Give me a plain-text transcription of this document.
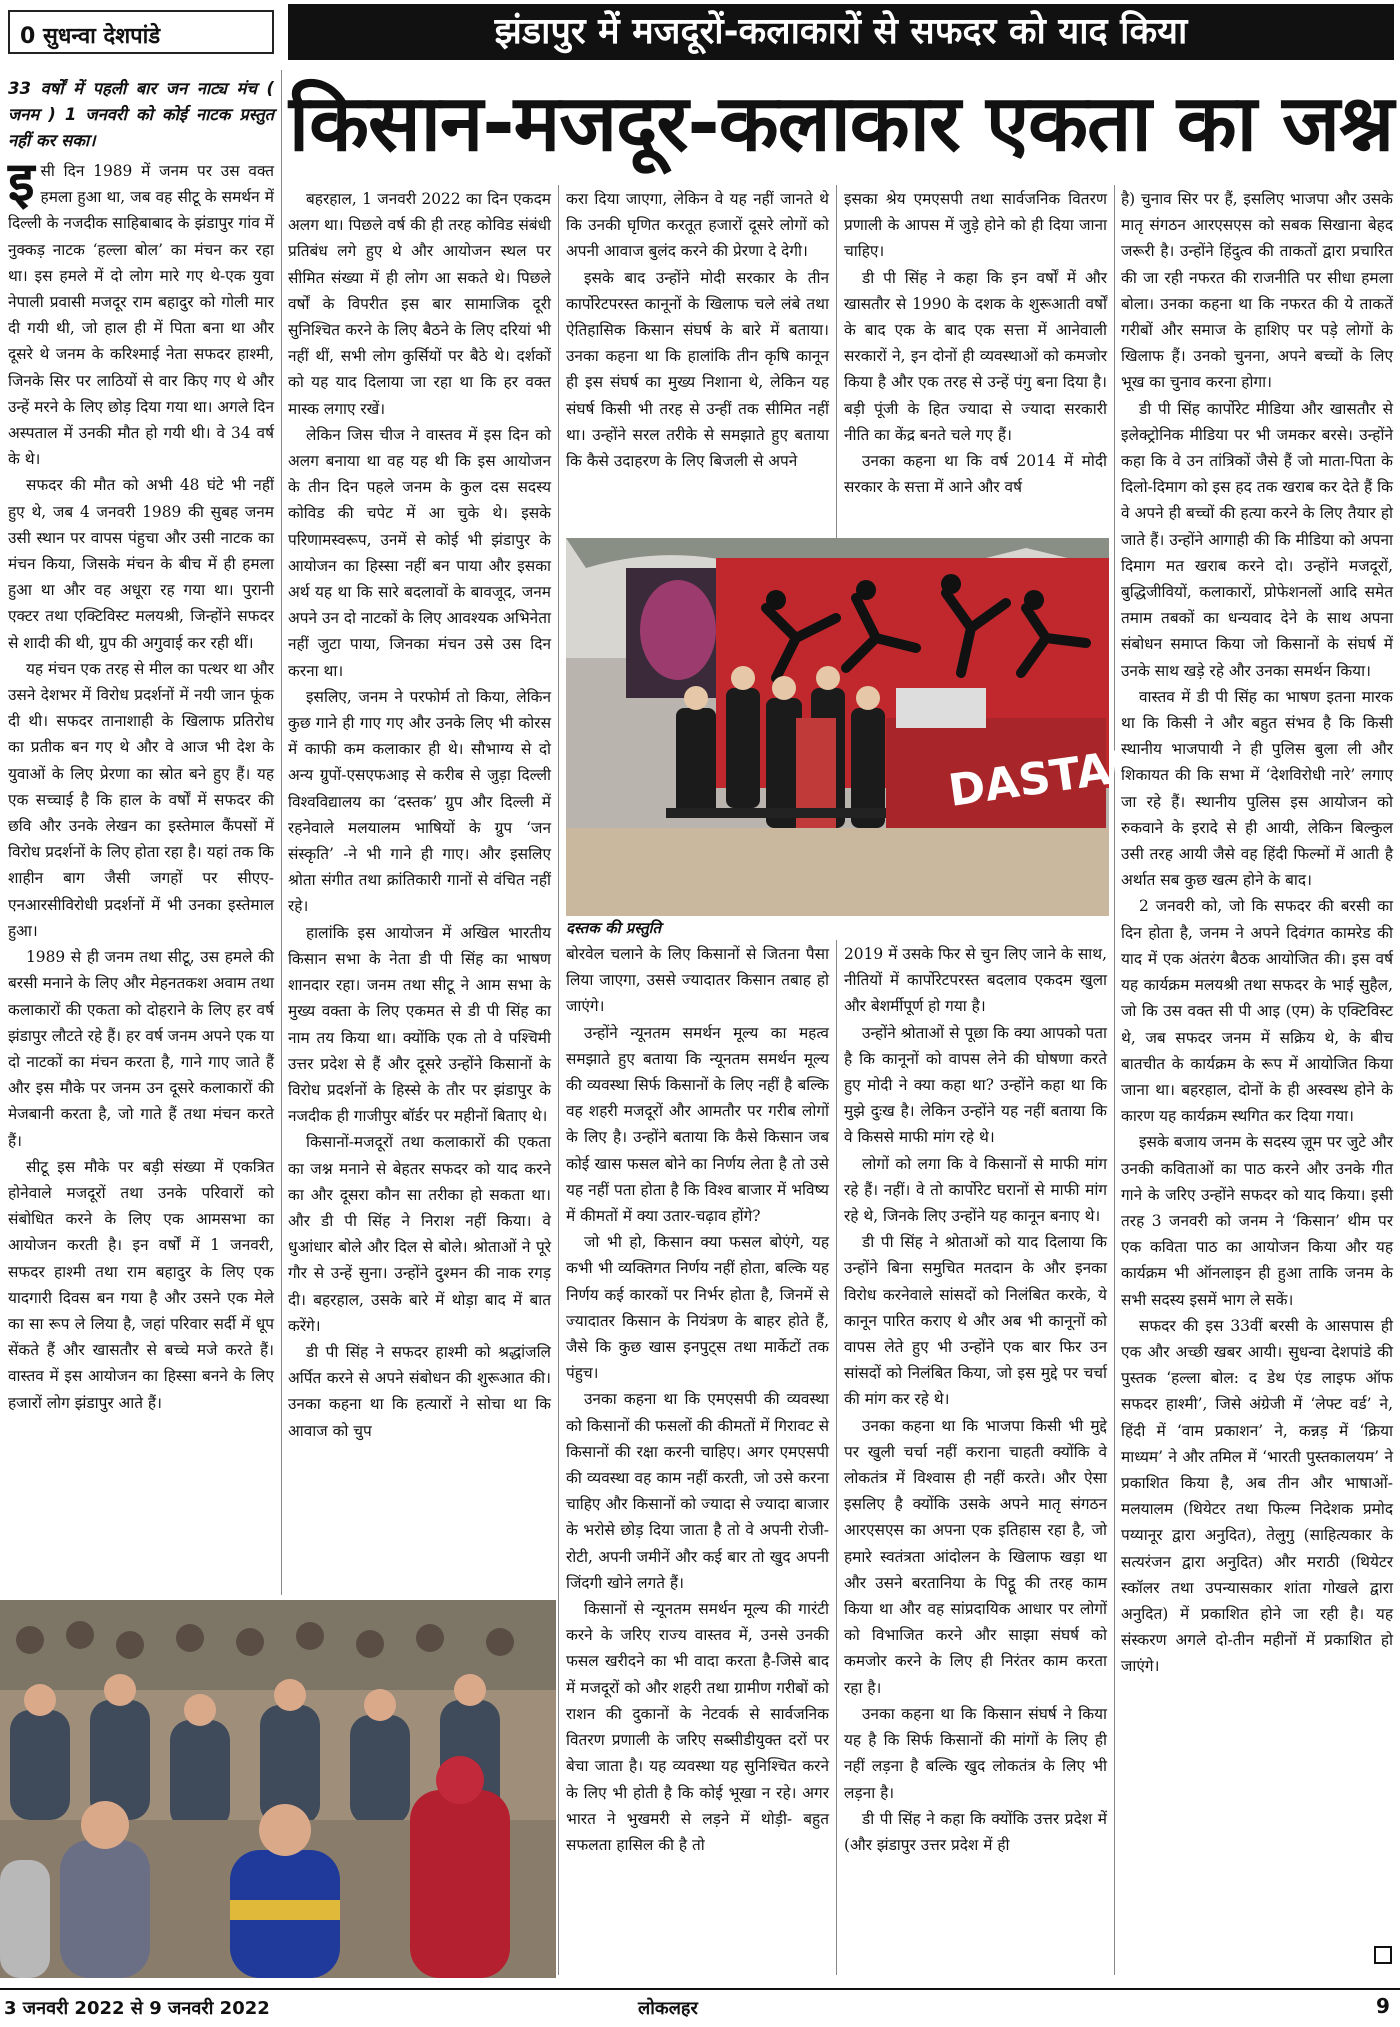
0 सुधन्वा देशपांडे	झंडापुर में मजदूरों-कलाकारों से सफदर को याद किया
किसान-मजदूर-कलाकार एकता का जश्न
33 वर्षों में पहली बार जन नाट्य मंच ( जनम ) 1 जनवरी को कोई नाटक प्रस्तुत नहीं कर सका।

इसी दिन 1989 में जनम पर उस वक्त हमला हुआ था, जब वह सीटू के समर्थन में दिल्ली के नजदीक साहिबाबाद के झंडापुर गांव में नुक्कड़ नाटक ‘हल्ला बोल’ का मंचन कर रहा था। इस हमले में दो लोग मारे गए थे-एक युवा नेपाली प्रवासी मजदूर राम बहादुर को गोली मार दी गयी थी, जो हाल ही में पिता बना था और दूसरे थे जनम के करिश्माई नेता सफदर हाश्मी, जिनके सिर पर लाठियों से वार किए गए थे और उन्हें मरने के लिए छोड़ दिया गया था। अगले दिन अस्पताल में उनकी मौत हो गयी थी। वे 34 वर्ष के थे।

सफदर की मौत को अभी 48 घंटे भी नहीं हुए थे, जब 4 जनवरी 1989 की सुबह जनम उसी स्थान पर वापस पंहुचा और उसी नाटक का मंचन किया, जिसके मंचन के बीच में ही हमला हुआ था और वह अधूरा रह गया था। पुरानी एक्टर तथा एक्टिविस्ट मलयश्री, जिन्होंने सफदर से शादी की थी, ग्रुप की अगुवाई कर रही थीं।

यह मंचन एक तरह से मील का पत्थर था और उसने देशभर में विरोध प्रदर्शनों में नयी जान फूंक दी थी। सफदर तानाशाही के खिलाफ प्रतिरोध का प्रतीक बन गए थे और वे आज भी देश के युवाओं के लिए प्रेरणा का स्रोत बने हुए हैं। यह एक सच्चाई है कि हाल के वर्षों में सफदर की छवि और उनके लेखन का इस्तेमाल कैंपसों में विरोध प्रदर्शनों के लिए होता रहा है। यहां तक कि शाहीन बाग जैसी जगहों पर सीएए-एनआरसीविरोधी प्रदर्शनों में भी उनका इस्तेमाल हुआ।

1989 से ही जनम तथा सीटू, उस हमले की बरसी मनाने के लिए और मेहनतकश अवाम तथा कलाकारों की एकता को दोहराने के लिए हर वर्ष झंडापुर लौटते रहे हैं। हर वर्ष जनम अपने एक या दो नाटकों का मंचन करता है, गाने गाए जाते हैं और इस मौके पर जनम उन दूसरे कलाकारों की मेजबानी करता है, जो गाते हैं तथा मंचन करते हैं।

सीटू इस मौके पर बड़ी संख्या में एकत्रित होनेवाले मजदूरों तथा उनके परिवारों को संबोधित करने के लिए एक आमसभा का आयोजन करती है। इन वर्षों में 1 जनवरी, सफदर हाश्मी तथा राम बहादुर के लिए एक यादगारी दिवस बन गया है और उसने एक मेले का सा रूप ले लिया है, जहां परिवार सर्दी में धूप सेंकते हैं और खासतौर से बच्चे मजे करते हैं। वास्तव में इस आयोजन का हिस्सा बनने के लिए हजारों लोग झंडापुर आते हैं।

बहरहाल, 1 जनवरी 2022 का दिन एकदम अलग था। पिछले वर्ष की ही तरह कोविड संबंधी प्रतिबंध लगे हुए थे और आयोजन स्थल पर सीमित संख्या में ही लोग आ सकते थे। पिछले वर्षों के विपरीत इस बार सामाजिक दूरी सुनिश्चित करने के लिए बैठने के लिए दरियां भी नहीं थीं, सभी लोग कुर्सियों पर बैठे थे। दर्शकों को यह याद दिलाया जा रहा था कि हर वक्त मास्क लगाए रखें।

लेकिन जिस चीज ने वास्तव में इस दिन को अलग बनाया था वह यह थी कि इस आयोजन के तीन दिन पहले जनम के कुल दस सदस्य कोविड की चपेट में आ चुके थे। इसके परिणामस्वरूप, उनमें से कोई भी झंडापुर के आयोजन का हिस्सा नहीं बन पाया और इसका अर्थ यह था कि सारे बदलावों के बावजूद, जनम अपने उन दो नाटकों के लिए आवश्यक अभिनेता नहीं जुटा पाया, जिनका मंचन उसे उस दिन करना था।

इसलिए, जनम ने परफोर्म तो किया, लेकिन कुछ गाने ही गाए गए और उनके लिए भी कोरस में काफी कम कलाकार ही थे। सौभाग्य से दो अन्य ग्रुपों-एसएफआइ से करीब से जुड़ा दिल्ली विश्वविद्यालय का ‘दस्तक’ ग्रुप और दिल्ली में रहनेवाले मलयालम भाषियों के ग्रुप ‘जन संस्कृति’ -ने भी गाने ही गाए। और इसलिए श्रोता संगीत तथा क्रांतिकारी गानों से वंचित नहीं रहे।

हालांकि इस आयोजन में अखिल भारतीय किसान सभा के नेता डी पी सिंह का भाषण शानदार रहा। जनम तथा सीटू ने आम सभा के मुख्य वक्ता के लिए एकमत से डी पी सिंह का नाम तय किया था। क्योंकि एक तो वे पश्चिमी उत्तर प्रदेश से हैं और दूसरे उन्होंने किसानों के विरोध प्रदर्शनों के हिस्से के तौर पर झंडापुर के नजदीक ही गाजीपुर बॉर्डर पर महीनों बिताए थे।

किसानों-मजदूरों तथा कलाकारों की एकता का जश्न मनाने से बेहतर सफदर को याद करने का और दूसरा कौन सा तरीका हो सकता था। और डी पी सिंह ने निराश नहीं किया। वे धुआंधार बोले और दिल से बोले। श्रोताओं ने पूरे गौर से उन्हें सुना। उन्होंने दुश्मन की नाक रगड़ दी। बहरहाल, उसके बारे में थोड़ा बाद में बात करेंगे।

डी पी सिंह ने सफदर हाश्मी को श्रद्धांजलि अर्पित करने से अपने संबोधन की शुरूआत की। उनका कहना था कि हत्यारों ने सोचा था कि आवाज को चुप

करा दिया जाएगा, लेकिन वे यह नहीं जानते थे कि उनकी घृणित करतूत हजारों दूसरे लोगों को अपनी आवाज बुलंद करने की प्रेरणा दे देगी।

इसके बाद उन्होंने मोदी सरकार के तीन कार्पोरेटपरस्त कानूनों के खिलाफ चले लंबे तथा ऐतिहासिक किसान संघर्ष के बारे में बताया। उनका कहना था कि हालांकि तीन कृषि कानून ही इस संघर्ष का मुख्य निशाना थे, लेकिन यह संघर्ष किसी भी तरह से उन्हीं तक सीमित नहीं था। उन्होंने सरल तरीके से समझाते हुए बताया कि कैसे उदाहरण के लिए बिजली से अपने

इसका श्रेय एमएसपी तथा सार्वजनिक वितरण प्रणाली के आपस में जुड़े होने को ही दिया जाना चाहिए।

डी पी सिंह ने कहा कि इन वर्षों में और खासतौर से 1990 के दशक के शुरूआती वर्षों के बाद एक के बाद एक सत्ता में आनेवाली सरकारों ने, इन दोनों ही व्यवस्थाओं को कमजोर किया है और एक तरह से उन्हें पंगु बना दिया है। बड़ी पूंजी के हित ज्यादा से ज्यादा सरकारी नीति का केंद्र बनते चले गए हैं।

उनका कहना था कि वर्ष 2014 में मोदी सरकार के सत्ता में आने और वर्ष

DASTAK
दस्तक की प्रस्तुति

बोरवेल चलाने के लिए किसानों से जितना पैसा लिया जाएगा, उससे ज्यादातर किसान तबाह हो जाएंगे।

उन्होंने न्यूनतम समर्थन मूल्य का महत्व समझाते हुए बताया कि न्यूनतम समर्थन मूल्य की व्यवस्था सिर्फ किसानों के लिए नहीं है बल्कि वह शहरी मजदूरों और आमतौर पर गरीब लोगों के लिए है। उन्होंने बताया कि कैसे किसान जब कोई खास फसल बोने का निर्णय लेता है तो उसे यह नहीं पता होता है कि विश्व बाजार में भविष्य में कीमतों में क्या उतार-चढ़ाव होंगे?

जो भी हो, किसान क्या फसल बोएंगे, यह कभी भी व्यक्तिगत निर्णय नहीं होता, बल्कि यह निर्णय कई कारकों पर निर्भर होता है, जिनमें से ज्यादातर किसान के नियंत्रण के बाहर होते हैं, जैसे कि कुछ खास इनपुट्स तथा मार्केटों तक पंहुच।

उनका कहना था कि एमएसपी की व्यवस्था को किसानों की फसलों की कीमतों में गिरावट से किसानों की रक्षा करनी चाहिए। अगर एमएसपी की व्यवस्था वह काम नहीं करती, जो उसे करना चाहिए और किसानों को ज्यादा से ज्यादा बाजार के भरोसे छोड़ दिया जाता है तो वे अपनी रोजी-रोटी, अपनी जमीनें और कई बार तो खुद अपनी जिंदगी खोने लगते हैं।

किसानों से न्यूनतम समर्थन मूल्य की गारंटी करने के जरिए राज्य वास्तव में, उनसे उनकी फसल खरीदने का भी वादा करता है-जिसे बाद में मजदूरों को और शहरी तथा ग्रामीण गरीबों को राशन की दुकानों के नेटवर्क से सार्वजनिक वितरण प्रणाली के जरिए सब्सीडीयुक्त दरों पर बेचा जाता है। यह व्यवस्था यह सुनिश्चित करने के लिए भी होती है कि कोई भूखा न रहे। अगर भारत ने भुखमरी से लड़ने में थोड़ी- बहुत सफलता हासिल की है तो

2019 में उसके फिर से चुन लिए जाने के साथ, नीतियों में कार्पोरेटपरस्त बदलाव एकदम खुला और बेशर्मीपूर्ण हो गया है।

उन्होंने श्रोताओं से पूछा कि क्या आपको पता है कि कानूनों को वापस लेने की घोषणा करते हुए मोदी ने क्या कहा था? उन्होंने कहा था कि मुझे दुःख है। लेकिन उन्होंने यह नहीं बताया कि वे किससे माफी मांग रहे थे।

लोगों को लगा कि वे किसानों से माफी मांग रहे हैं। नहीं। वे तो कार्पोरेट घरानों से माफी मांग रहे थे, जिनके लिए उन्होंने यह कानून बनाए थे।

डी पी सिंह ने श्रोताओं को याद दिलाया कि उन्होंने बिना समुचित मतदान के और इनका विरोध करनेवाले सांसदों को निलंबित करके, ये कानून पारित कराए थे और अब भी कानूनों को वापस लेते हुए भी उन्होंने एक बार फिर उन सांसदों को निलंबित किया, जो इस मुद्दे पर चर्चा की मांग कर रहे थे।

उनका कहना था कि भाजपा किसी भी मुद्दे पर खुली चर्चा नहीं कराना चाहती क्योंकि वे लोकतंत्र में विश्वास ही नहीं करते। और ऐसा इसलिए है क्योंकि उसके अपने मातृ संगठन आरएसएस का अपना एक इतिहास रहा है, जो हमारे स्वतंत्रता आंदोलन के खिलाफ खड़ा था और उसने बरतानिया के पिट्ठू की तरह काम किया था और वह सांप्रदायिक आधार पर लोगों को विभाजित करने और साझा संघर्ष को कमजोर करने के लिए ही निरंतर काम करता रहा है।

उनका कहना था कि किसान संघर्ष ने किया यह है कि सिर्फ किसानों की मांगों के लिए ही नहीं लड़ना है बल्कि खुद लोकतंत्र के लिए भी लड़ना है।

डी पी सिंह ने कहा कि क्योंकि उत्तर प्रदेश में (और झंडापुर उत्तर प्रदेश में ही

है) चुनाव सिर पर हैं, इसलिए भाजपा और उसके मातृ संगठन आरएसएस को सबक सिखाना बेहद जरूरी है। उन्होंने हिंदुत्व की ताकतों द्वारा प्रचारित की जा रही नफरत की राजनीति पर सीधा हमला बोला। उनका कहना था कि नफरत की ये ताकतें गरीबों और समाज के हाशिए पर पड़े लोगों के खिलाफ हैं। उनको चुनना, अपने बच्चों के लिए भूख का चुनाव करना होगा।

डी पी सिंह कार्पोरेट मीडिया और खासतौर से इलेक्ट्रोनिक मीडिया पर भी जमकर बरसे। उन्होंने कहा कि वे उन तांत्रिकों जैसे हैं जो माता-पिता के दिलो-दिमाग को इस हद तक खराब कर देते हैं कि वे अपने ही बच्चों की हत्या करने के लिए तैयार हो जाते हैं। उन्होंने आगाही की कि मीडिया को अपना दिमाग मत खराब करने दो। उन्होंने मजदूरों, बुद्धिजीवियों, कलाकारों, प्रोफेशनलों आदि समेत तमाम तबकों का धन्यवाद देने के साथ अपना संबोधन समाप्त किया जो किसानों के संघर्ष में उनके साथ खड़े रहे और उनका समर्थन किया।

वास्तव में डी पी सिंह का भाषण इतना मारक था कि किसी ने और बहुत संभव है कि किसी स्थानीय भाजपायी ने ही पुलिस बुला ली और शिकायत की कि सभा में ‘देशविरोधी नारे’ लगाए जा रहे हैं। स्थानीय पुलिस इस आयोजन को रुकवाने के इरादे से ही आयी, लेकिन बिल्कुल उसी तरह आयी जैसे वह हिंदी फिल्मों में आती है अर्थात सब कुछ खत्म होने के बाद।

2 जनवरी को, जो कि सफदर की बरसी का दिन होता है, जनम ने अपने दिवंगत कामरेड की याद में एक अंतरंग बैठक आयोजित की। इस वर्ष यह कार्यक्रम मलयश्री तथा सफदर के भाई सुहैल, जो कि उस वक्त सी पी आइ (एम) के एक्टिविस्ट थे, जब सफदर जनम में सक्रिय थे, के बीच बातचीत के कार्यक्रम के रूप में आयोजित किया जाना था। बहरहाल, दोनों के ही अस्वस्थ होने के कारण यह कार्यक्रम स्थगित कर दिया गया।

इसके बजाय जनम के सदस्य ज़ूम पर जुटे और उनकी कविताओं का पाठ करने और उनके गीत गाने के जरिए उन्होंने सफदर को याद किया। इसी तरह 3 जनवरी को जनम ने ‘किसान’ थीम पर एक कविता पाठ का आयोजन किया और यह कार्यक्रम भी ऑनलाइन ही हुआ ताकि जनम के सभी सदस्य इसमें भाग ले सकें।

सफदर की इस 33वीं बरसी के आसपास ही एक और अच्छी खबर आयी। सुधन्वा देशपांडे की पुस्तक ‘हल्ला बोल: द डेथ एंड लाइफ ऑफ सफदर हाश्मी’, जिसे अंग्रेजी में ‘लेफ्ट वर्ड’ ने, हिंदी में ‘वाम प्रकाशन’ ने, कन्नड़ में ‘क्रिया माध्यम’ ने और तमिल में ‘भारती पुस्तकालयम’ ने प्रकाशित किया है, अब तीन और भाषाओं- मलयालम (थियेटर तथा फिल्म निदेशक प्रमोद पय्यानूर द्वारा अनुदित), तेलुगु (साहित्यकार के सत्यरंजन द्वारा अनुदित) और मराठी (थियेटर स्कॉलर तथा उपन्यासकार शांता गोखले द्वारा अनुदित) में प्रकाशित होने जा रही है। यह संस्करण अगले दो-तीन महीनों में प्रकाशित हो जाएंगे।

3 जनवरी 2022 से 9 जनवरी 2022	लोकलहर	9
